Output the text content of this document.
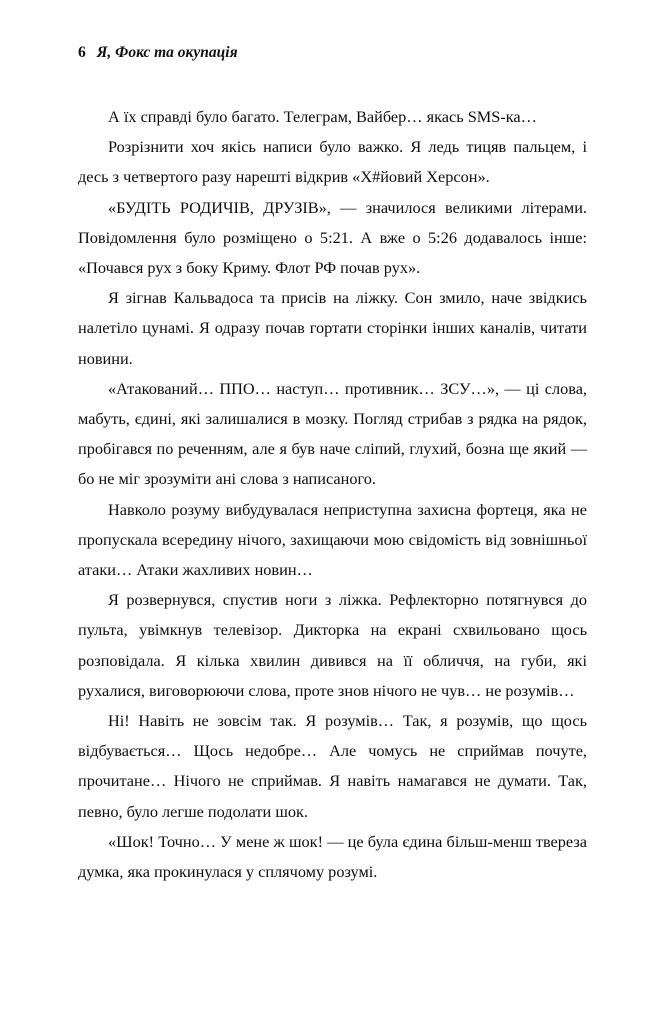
6 Я, Фокс та окупація

А їх справді було багато. Телеграм, Вайбер… якась SMS-ка…

Розрізнити хоч якісь написи було важко. Я ледь тицяв пальцем, і десь з четвертого разу нарешті відкрив «Х#йовий Херсон».

«БУДІТЬ РОДИЧІВ, ДРУЗІВ», — значилося великими літерами. Повідомлення було розміщено о 5:21. А вже о 5:26 додавалось інше: «Почався рух з боку Криму. Флот РФ почав рух».

Я зігнав Кальвадоса та присів на ліжку. Сон змило, наче звідкись налетіло цунамі. Я одразу почав гортати сторінки інших каналів, читати новини.

«Атакований… ППО… наступ… противник… ЗСУ…», — ці слова, мабуть, єдині, які залишалися в мозку. Погляд стрибав з рядка на рядок, пробігався по реченням, але я був наче сліпий, глухий, бозна ще який — бо не міг зрозуміти ані слова з написаного.

Навколо розуму вибудувалася неприступна захисна фортеця, яка не пропускала всередину нічого, захищаючи мою свідомість від зовнішньої атаки… Атаки жахливих новин…

Я розвернувся, спустив ноги з ліжка. Рефлекторно потягнувся до пульта, увімкнув телевізор. Дикторка на екрані схвильовано щось розповідала. Я кілька хвилин дивився на її обличчя, на губи, які рухалися, виговорюючи слова, проте знов нічого не чув… не розумів…

Ні! Навіть не зовсім так. Я розумів… Так, я розумів, що щось відбувається… Щось недобре… Але чомусь не сприймав почуте, прочитане… Нічого не сприймав. Я навіть намагався не думати. Так, певно, було легше подолати шок.

«Шок! Точно… У мене ж шок! — це була єдина більш-менш твереза думка, яка прокинулася у сплячому розумі.
